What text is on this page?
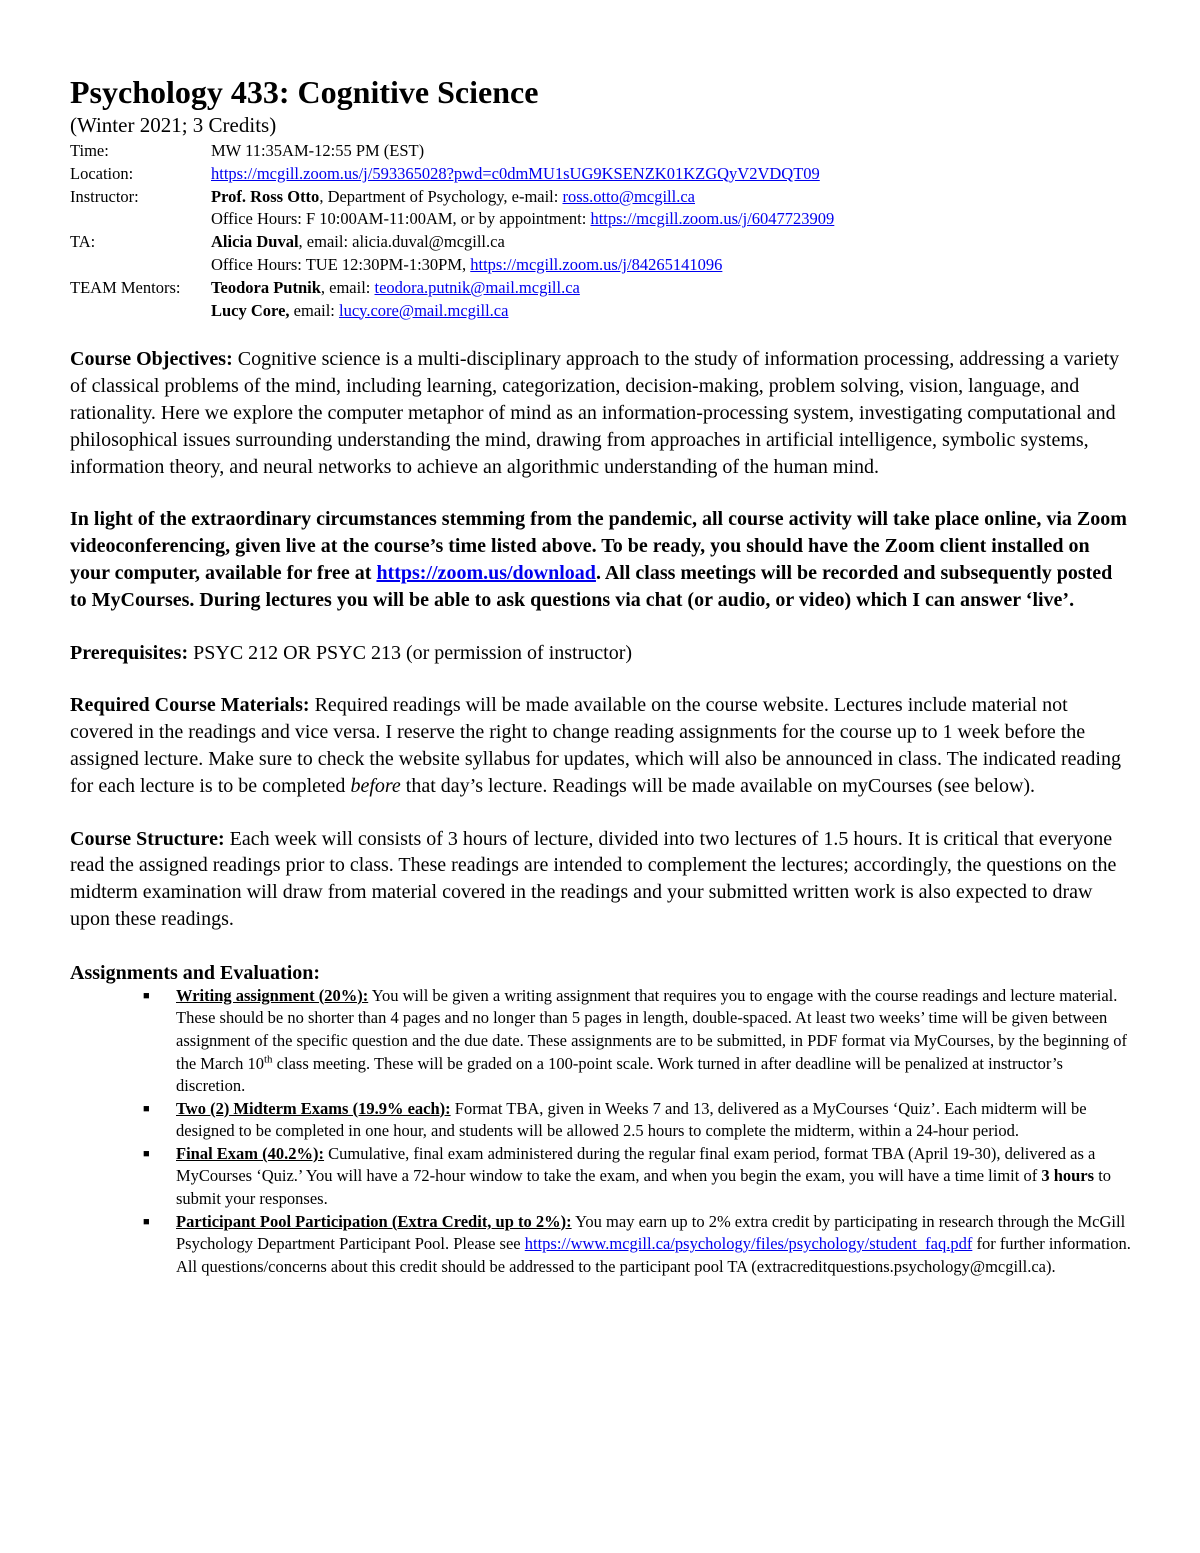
Psychology 433: Cognitive Science

(Winter 2021; 3 Credits)

Time:	MW 11:35AM-12:55 PM (EST)
Location:	https://mcgill.zoom.us/j/593365028?pwd=c0dmMU1sUG9KSENZK01KZGQyV2VDQT09
Instructor:	Prof. Ross Otto, Department of Psychology, e-mail: ross.otto@mcgill.ca
Office Hours: F 10:00AM-11:00AM, or by appointment: https://mcgill.zoom.us/j/6047723909
TA:	Alicia Duval, email: alicia.duval@mcgill.ca
Office Hours: TUE 12:30PM-1:30PM, https://mcgill.zoom.us/j/84265141096
TEAM Mentors:	Teodora Putnik, email: teodora.putnik@mail.mcgill.ca
Lucy Core, email: lucy.core@mail.mcgill.ca

Course Objectives: Cognitive science is a multi-disciplinary approach to the study of information processing, addressing a variety of classical problems of the mind, including learning, categorization, decision-making, problem solving, vision, language, and rationality. Here we explore the computer metaphor of mind as an information-processing system, investigating computational and philosophical issues surrounding understanding the mind, drawing from approaches in artificial intelligence, symbolic systems, information theory, and neural networks to achieve an algorithmic understanding of the human mind.

In light of the extraordinary circumstances stemming from the pandemic, all course activity will take place online, via Zoom videoconferencing, given live at the course’s time listed above. To be ready, you should have the Zoom client installed on your computer, available for free at https://zoom.us/download. All class meetings will be recorded and subsequently posted to MyCourses. During lectures you will be able to ask questions via chat (or audio, or video) which I can answer ‘live’.

Prerequisites: PSYC 212 OR PSYC 213 (or permission of instructor)

Required Course Materials: Required readings will be made available on the course website. Lectures include material not covered in the readings and vice versa. I reserve the right to change reading assignments for the course up to 1 week before the assigned lecture. Make sure to check the website syllabus for updates, which will also be announced in class. The indicated reading for each lecture is to be completed before that day’s lecture. Readings will be made available on myCourses (see below).

Course Structure: Each week will consists of 3 hours of lecture, divided into two lectures of 1.5 hours. It is critical that everyone read the assigned readings prior to class. These readings are intended to complement the lectures; accordingly, the questions on the midterm examination will draw from material covered in the readings and your submitted written work is also expected to draw upon these readings.

Assignments and Evaluation:

■ Writing assignment (20%): You will be given a writing assignment that requires you to engage with the course readings and lecture material. These should be no shorter than 4 pages and no longer than 5 pages in length, double-spaced. At least two weeks’ time will be given between assignment of the specific question and the due date. These assignments are to be submitted, in PDF format via MyCourses, by the beginning of the March 10th class meeting. These will be graded on a 100-point scale. Work turned in after deadline will be penalized at instructor’s discretion.
■ Two (2) Midterm Exams (19.9% each): Format TBA, given in Weeks 7 and 13, delivered as a MyCourses ‘Quiz’. Each midterm will be designed to be completed in one hour, and students will be allowed 2.5 hours to complete the midterm, within a 24-hour period.
■ Final Exam (40.2%): Cumulative, final exam administered during the regular final exam period, format TBA (April 19-30), delivered as a MyCourses ‘Quiz.’ You will have a 72-hour window to take the exam, and when you begin the exam, you will have a time limit of 3 hours to submit your responses.
■ Participant Pool Participation (Extra Credit, up to 2%): You may earn up to 2% extra credit by participating in research through the McGill Psychology Department Participant Pool. Please see https://www.mcgill.ca/psychology/files/psychology/student_faq.pdf for further information. All questions/concerns about this credit should be addressed to the participant pool TA (extracreditquestions.psychology@mcgill.ca).
